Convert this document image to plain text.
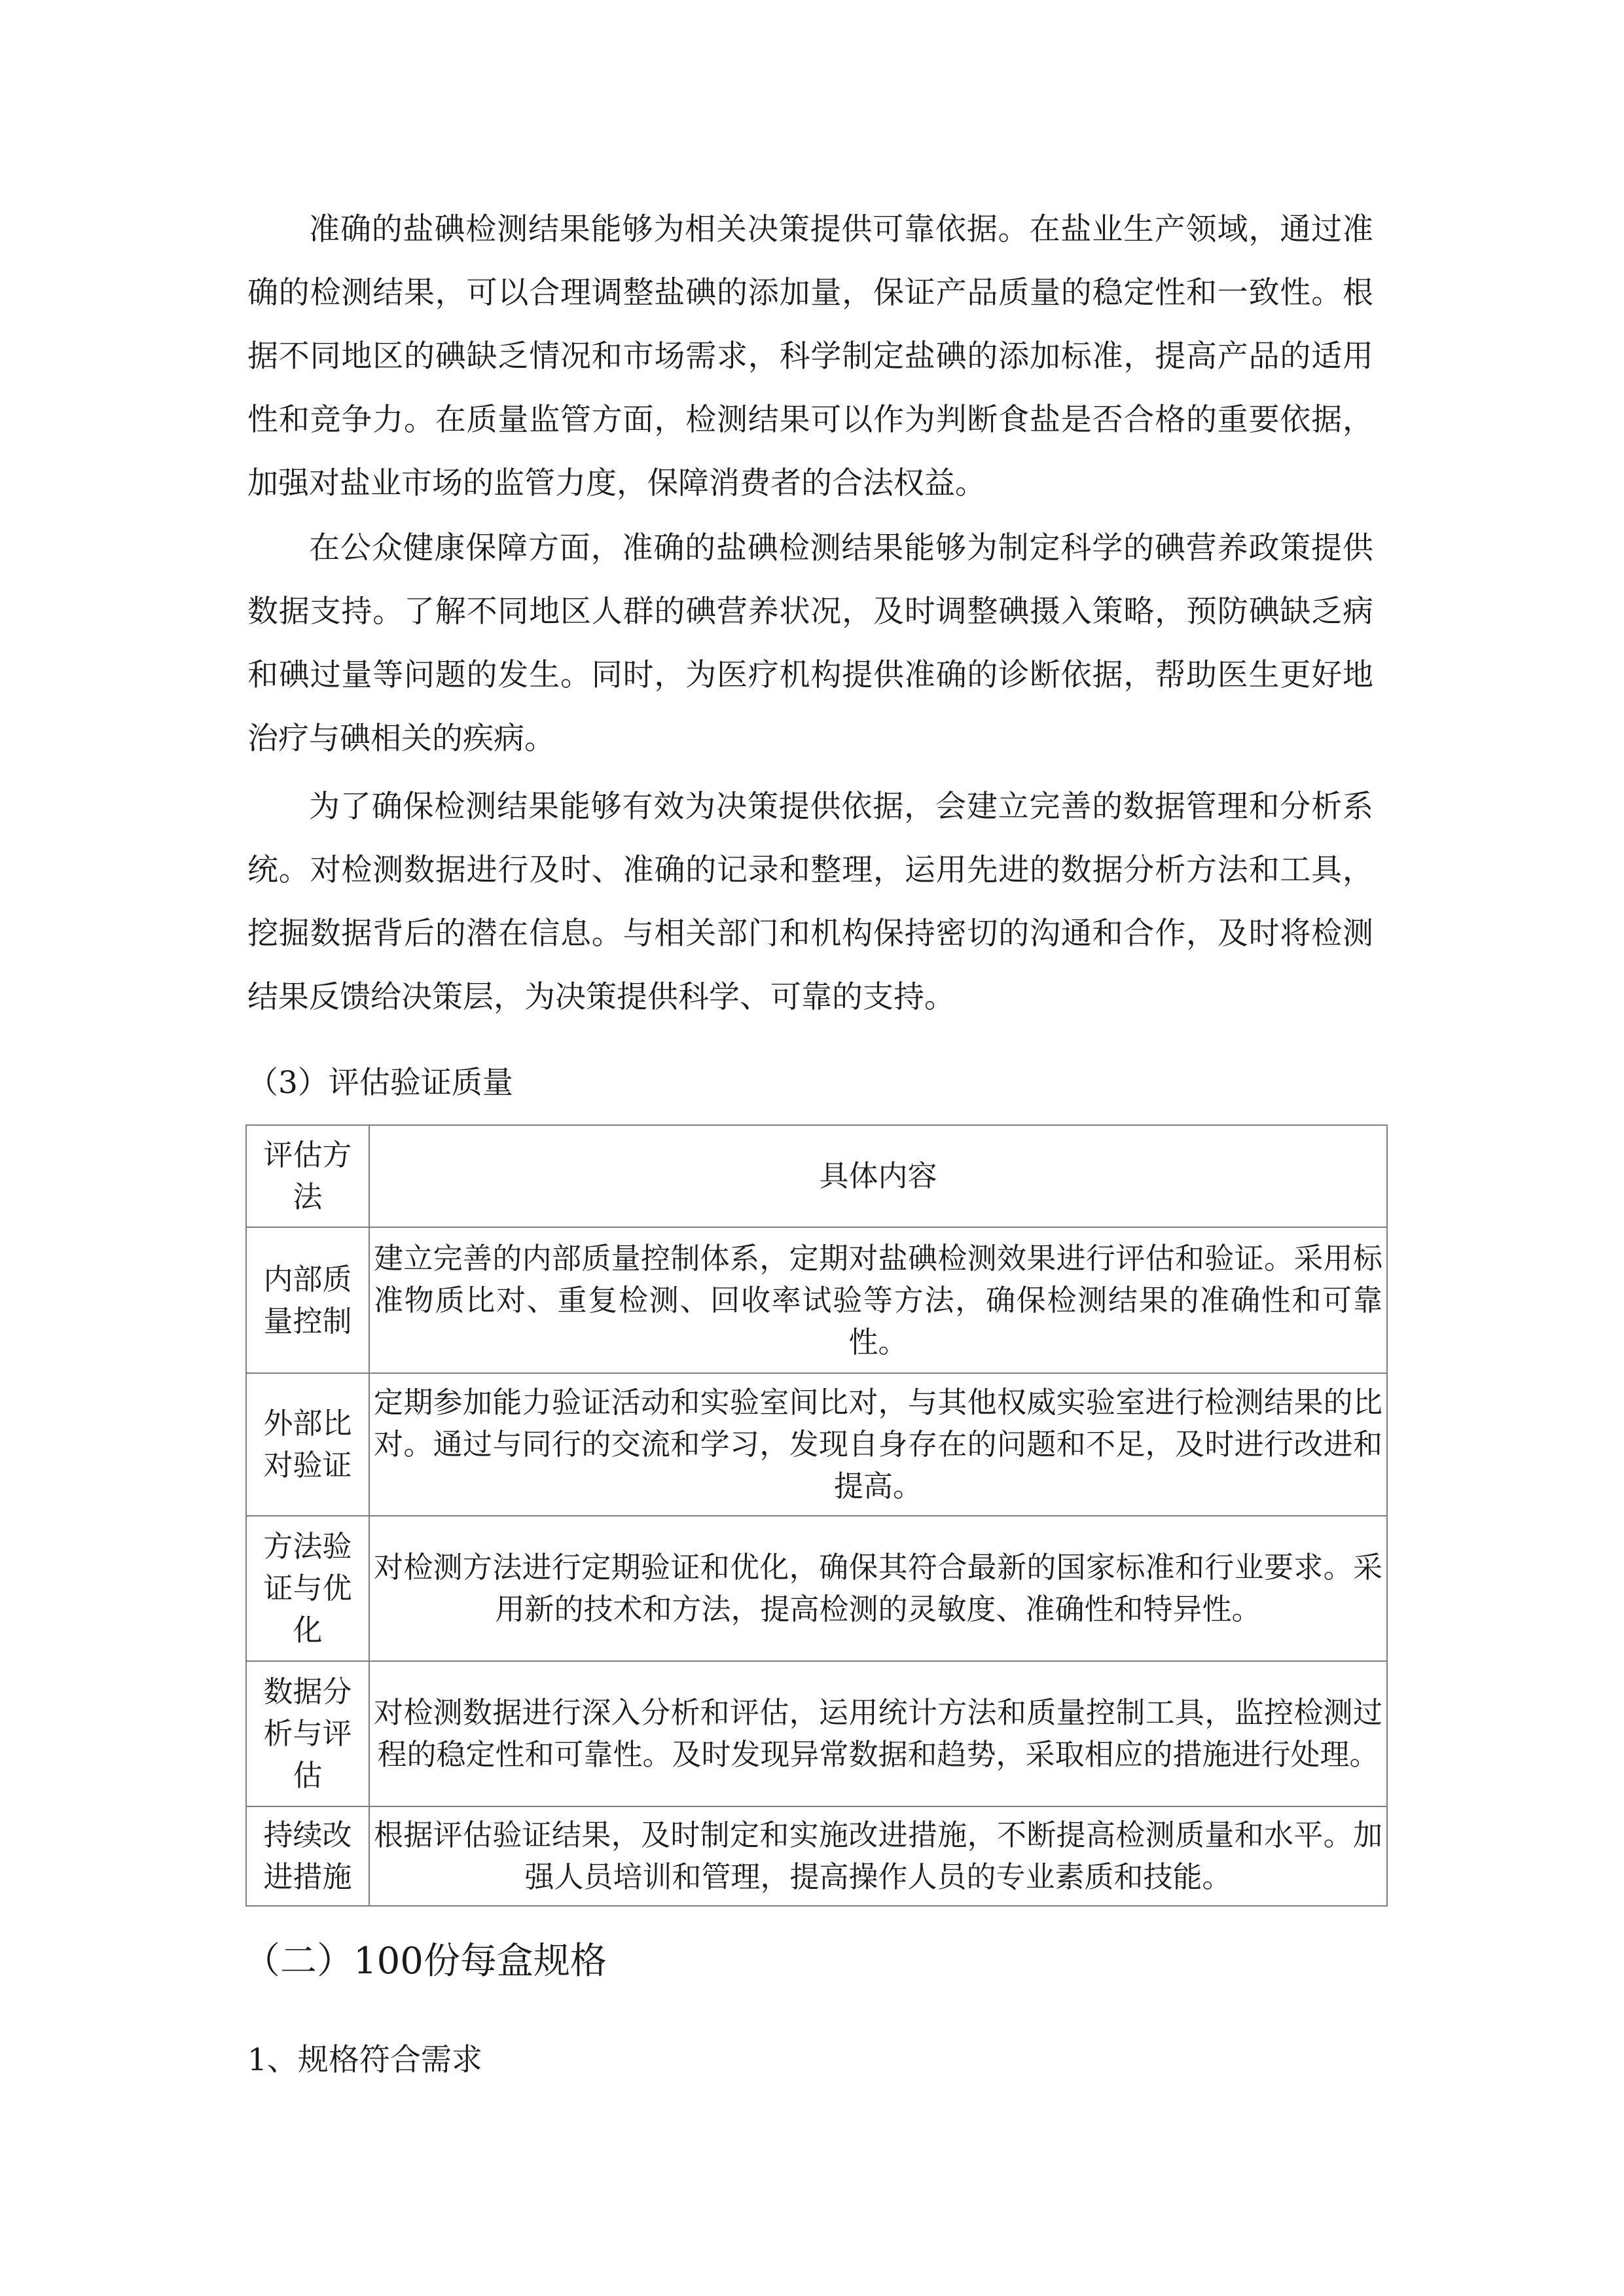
准确的盐碘检测结果能够为相关决策提供可靠依据。在盐业生产领域，通过准确的检测结果，可以合理调整盐碘的添加量，保证产品质量的稳定性和一致性。根据不同地区的碘缺乏情况和市场需求，科学制定盐碘的添加标准，提高产品的适用性和竞争力。在质量监管方面，检测结果可以作为判断食盐是否合格的重要依据，加强对盐业市场的监管力度，保障消费者的合法权益。

在公众健康保障方面，准确的盐碘检测结果能够为制定科学的碘营养政策提供数据支持。了解不同地区人群的碘营养状况，及时调整碘摄入策略，预防碘缺乏病和碘过量等问题的发生。同时，为医疗机构提供准确的诊断依据，帮助医生更好地治疗与碘相关的疾病。

为了确保检测结果能够有效为决策提供依据，会建立完善的数据管理和分析系统。对检测数据进行及时、准确的记录和整理，运用先进的数据分析方法和工具，挖掘数据背后的潜在信息。与相关部门和机构保持密切的沟通和合作，及时将检测结果反馈给决策层，为决策提供科学、可靠的支持。

（3）评估验证质量

评估方法	具体内容
内部质量控制	建立完善的内部质量控制体系，定期对盐碘检测效果进行评估和验证。采用标准物质比对、重复检测、回收率试验等方法，确保检测结果的准确性和可靠性。
外部比对验证	定期参加能力验证活动和实验室间比对，与其他权威实验室进行检测结果的比对。通过与同行的交流和学习，发现自身存在的问题和不足，及时进行改进和提高。
方法验证与优化	对检测方法进行定期验证和优化，确保其符合最新的国家标准和行业要求。采用新的技术和方法，提高检测的灵敏度、准确性和特异性。
数据分析与评估	对检测数据进行深入分析和评估，运用统计方法和质量控制工具，监控检测过程的稳定性和可靠性。及时发现异常数据和趋势，采取相应的措施进行处理。
持续改进措施	根据评估验证结果，及时制定和实施改进措施，不断提高检测质量和水平。加强人员培训和管理，提高操作人员的专业素质和技能。
（二）100份每盒规格
1、规格符合需求
